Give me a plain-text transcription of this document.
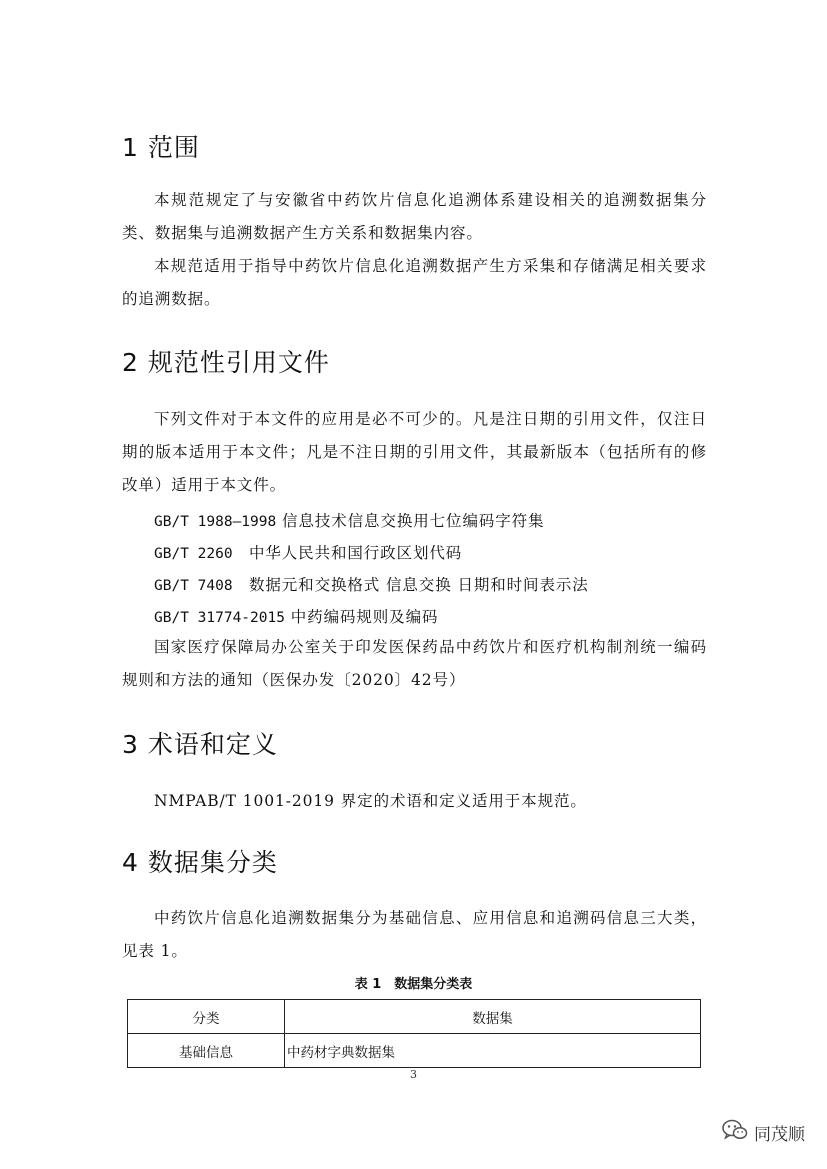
1 范围

本规范规定了与安徽省中药饮片信息化追溯体系建设相关的追溯数据集分类、数据集与追溯数据产生方关系和数据集内容。

本规范适用于指导中药饮片信息化追溯数据产生方采集和存储满足相关要求的追溯数据。

2 规范性引用文件

下列文件对于本文件的应用是必不可少的。凡是注日期的引用文件，仅注日期的版本适用于本文件；凡是不注日期的引用文件，其最新版本（包括所有的修改单）适用于本文件。

GB/T 1988—1998 信息技术信息交换用七位编码字符集

GB/T 2260　 中华人民共和国行政区划代码

GB/T 7408　 数据元和交换格式 信息交换 日期和时间表示法

GB/T 31774-2015 中药编码规则及编码

国家医疗保障局办公室关于印发医保药品中药饮片和医疗机构制剂统一编码规则和方法的通知（医保办发〔2020〕42号）

3 术语和定义

NMPAB/T 1001-2019 界定的术语和定义适用于本规范。

4 数据集分类

中药饮片信息化追溯数据集分为基础信息、应用信息和追溯码信息三大类，见表 1。

表 1　数据集分类表
分类	数据集
基础信息	中药材字典数据集
3
同茂顺
